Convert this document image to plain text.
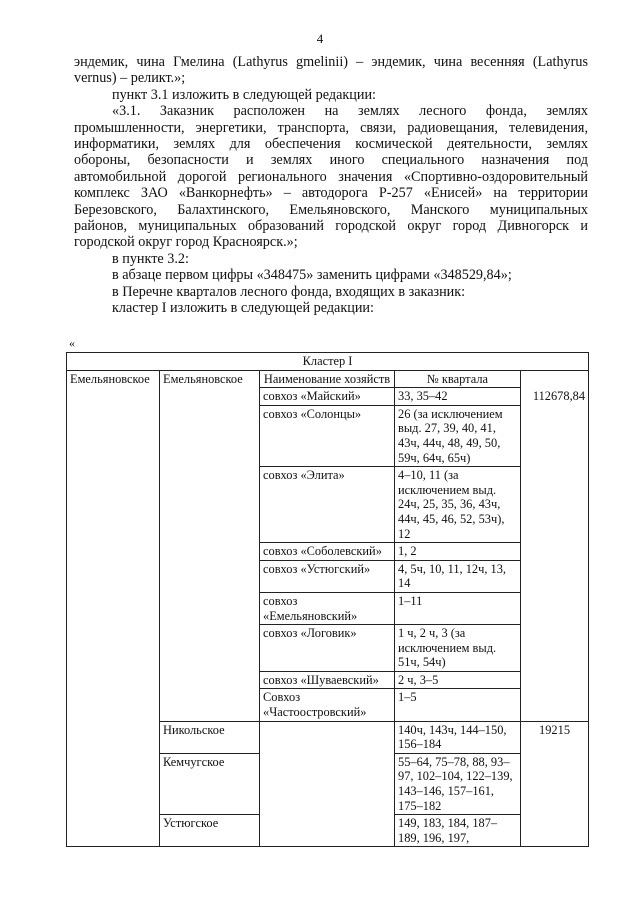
4

эндемик, чина Гмелина (Lathyrus gmelinii) – эндемик, чина весенняя (Lathyrus

vernus) – реликт.»;

пункт 3.1 изложить в следующей редакции:

«3.1. Заказник расположен на землях лесного фонда, землях

промышленности, энергетики, транспорта, связи, радиовещания, телевидения,

информатики, землях для обеспечения космической деятельности, землях

обороны, безопасности и землях иного специального назначения под

автомобильной дорогой регионального значения «Спортивно-оздоровительный

комплекс ЗАО «Ванкорнефть» – автодорога Р-257 «Енисей» на территории

Березовского, Балахтинского, Емельяновского, Манского муниципальных

районов, муниципальных образований городской округ город Дивногорск и

городской округ город Красноярск.»;

в пункте 3.2:

в абзаце первом цифры «348475» заменить цифрами «348529,84»;

в Перечне кварталов лесного фонда, входящих в заказник:

кластер I изложить в следующей редакции:

«
Кластер I				
Емельяновское	Емельяновское	Наименование хозяйств	№ квартала	
		совхоз «Майский»	33, 35–42	112678,84
		совхоз «Солонцы»	26 (за исключением выд. 27, 39, 40, 41, 43ч, 44ч, 48, 49, 50, 59ч, 64ч, 65ч)	
		совхоз «Элита»	4–10, 11 (за исключением выд. 24ч, 25, 35, 36, 43ч, 44ч, 45, 46, 52, 53ч), 12	
		совхоз «Соболевский»	1, 2	
		совхоз «Устюгский»	4, 5ч, 10, 11, 12ч, 13, 14	
		совхоз «Емельяновский»	1–11	
		совхоз «Логовик»	1 ч, 2 ч, 3 (за исключением выд. 51ч, 54ч)	
		совхоз «Шуваевский»	2 ч, 3–5	
		Совхоз «Частоостровский»	1–5	
	Никольское		140ч, 143ч, 144–150, 156–184	19215
	Кемчугское		55–64, 75–78, 88, 93–97, 102–104, 122–139, 143–146, 157–161, 175–182	
	Устюгское		149, 183, 184, 187–189, 196, 197,	
